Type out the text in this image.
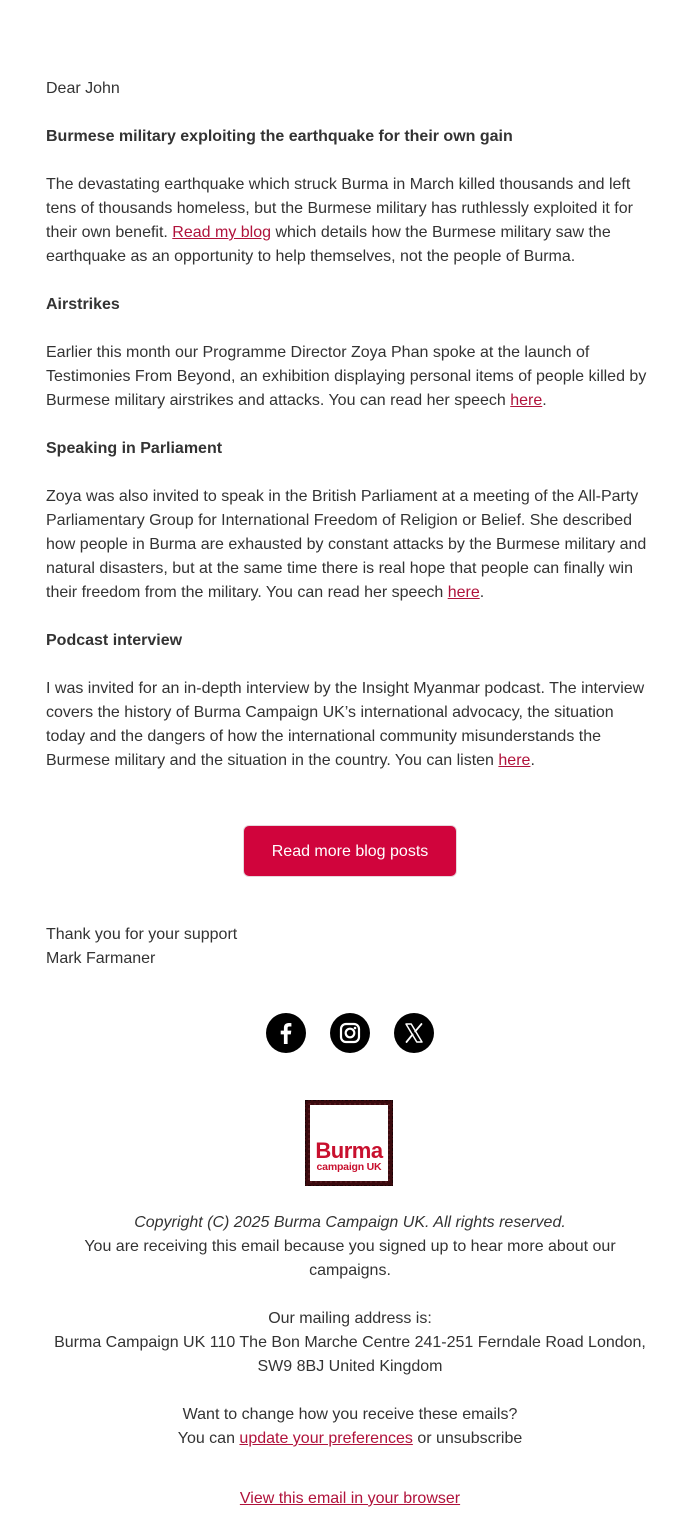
Dear John

Burmese military exploiting the earthquake for their own gain

The devastating earthquake which struck Burma in March killed thousands and left tens of thousands homeless, but the Burmese military has ruthlessly exploited it for their own benefit. Read my blog which details how the Burmese military saw the earthquake as an opportunity to help themselves, not the people of Burma.

Airstrikes

Earlier this month our Programme Director Zoya Phan spoke at the launch of Testimonies From Beyond, an exhibition displaying personal items of people killed by Burmese military airstrikes and attacks. You can read her speech here.

Speaking in Parliament

Zoya was also invited to speak in the British Parliament at a meeting of the All-Party Parliamentary Group for International Freedom of Religion or Belief. She described how people in Burma are exhausted by constant attacks by the Burmese military and natural disasters, but at the same time there is real hope that people can finally win their freedom from the military. You can read her speech here.

Podcast interview

I was invited for an in-depth interview by the Insight Myanmar podcast. The interview covers the history of Burma Campaign UK’s international advocacy, the situation today and the dangers of how the international community misunderstands the Burmese military and the situation in the country. You can listen here.

Read more blog posts
Thank you for your support
Mark Farmaner

Burma
campaign UK

Copyright (C) 2025 Burma Campaign UK. All rights reserved.

You are receiving this email because you signed up to hear more about our campaigns.

Our mailing address is:

Burma Campaign UK 110 The Bon Marche Centre 241-251 Ferndale Road London, SW9 8BJ United Kingdom

Want to change how you receive these emails?

You can update your preferences or unsubscribe

View this email in your browser
